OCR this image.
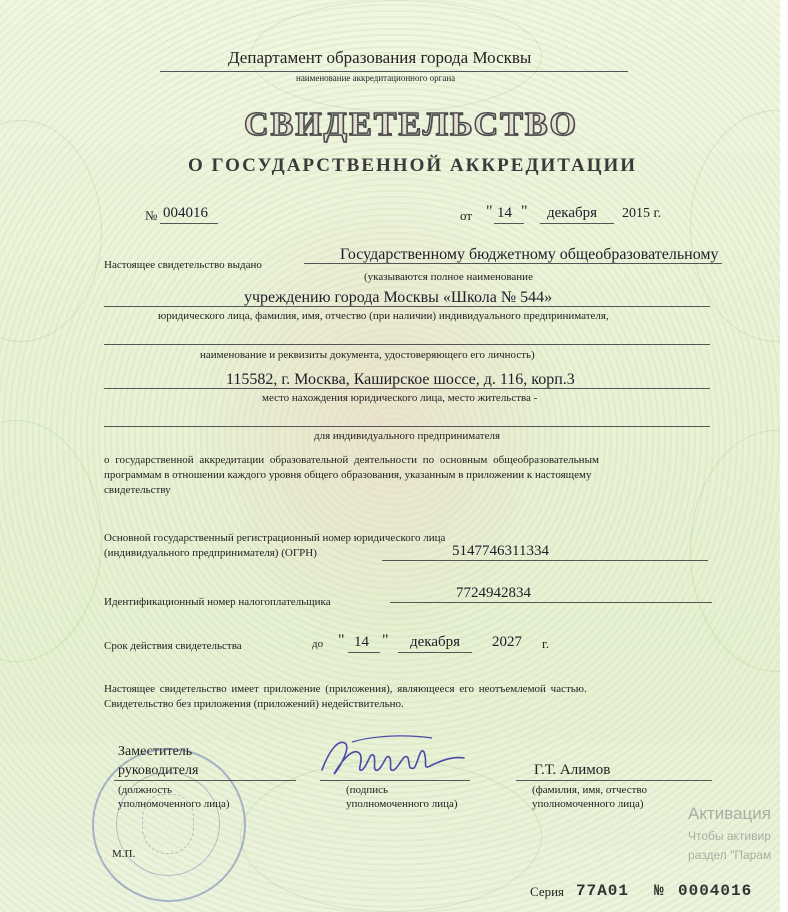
Департамент образования города Москвы
наименование аккредитационного органа
СВИДЕТЕЛЬСТВО
О ГОСУДАРСТВЕННОЙ АККРЕДИТАЦИИ
№ 004016	от " 14 " декабря 2015 г.
Настоящее свидетельство выдано
Государственному бюджетному общеобразовательному
(указываются полное наименование
учреждению города Москвы «Школа № 544»
юридического лица, фамилия, имя, отчество (при наличии) индивидуального предпринимателя,
наименование и реквизиты документа, удостоверяющего его личность)
115582, г. Москва, Каширское шоссе, д. 116, корп.3
место нахождения юридического лица, место жительства -
для индивидуального предпринимателя
о государственной аккредитации образовательной деятельности по основным общеобразовательным
программам в отношении каждого уровня общего образования, указанным в приложении к настоящему
свидетельству
Основной государственный регистрационный номер юридического лица
(индивидуального предпринимателя) (ОГРН)	5147746311334
Идентификационный номер налогоплательщика
7724942834
Срок действия свидетельства	до " 14 " декабря 2027 г.
Настоящее свидетельство имеет приложение (приложения), являющееся его неотъемлемой частью.
Свидетельство без приложения (приложений) недействительно.
Заместитель
руководителя
(должность
уполномоченного лица)
(подпись
уполномоченного лица)
Г.Т. Алимов
(фамилия, имя, отчество
уполномоченного лица)
М.П.
Серия 77А01 № 0004016
Активация
Чтобы активир
раздел "Парам
